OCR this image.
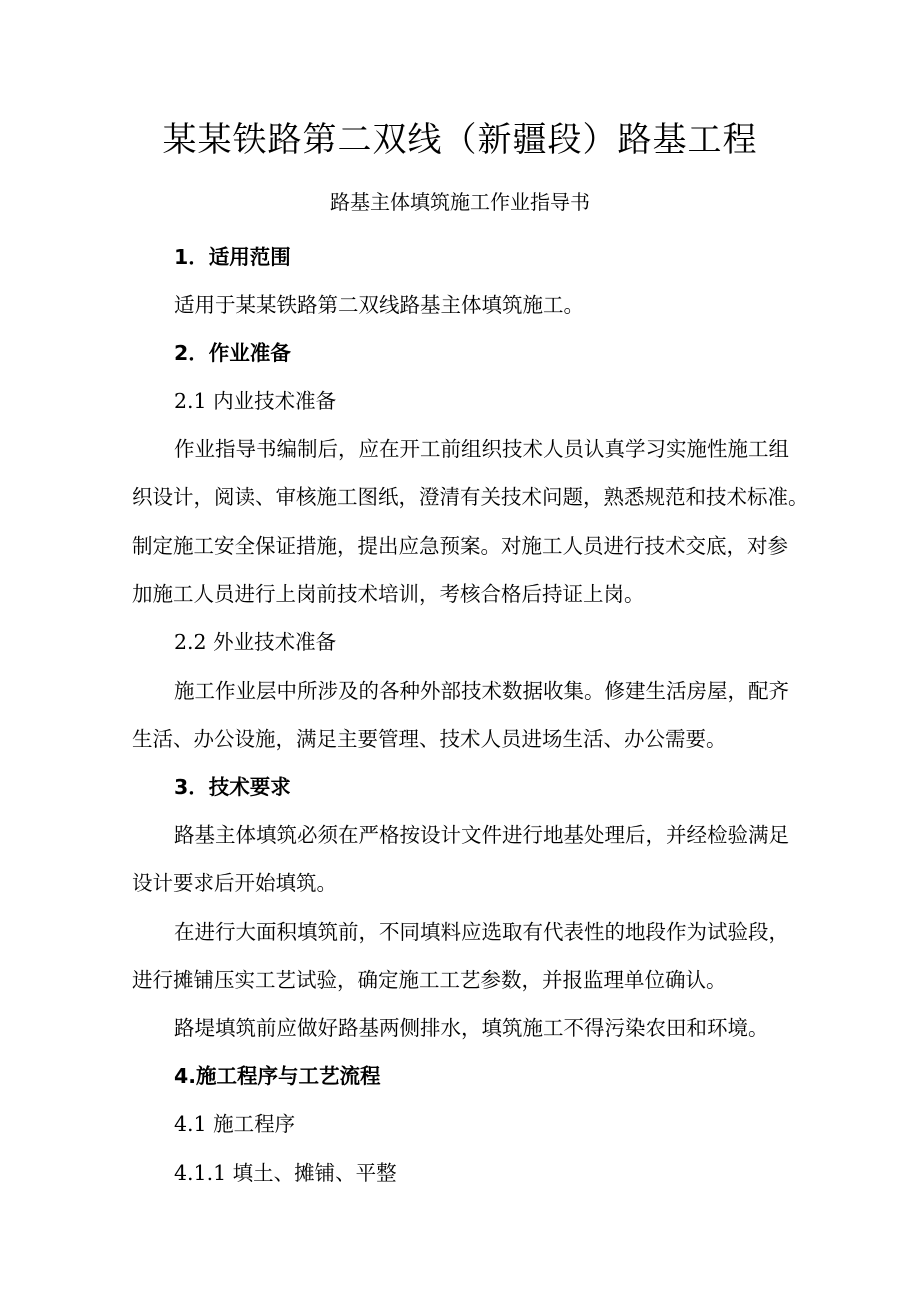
某某铁路第二双线（新疆段）路基工程
路基主体填筑施工作业指导书
1．适用范围
适用于某某铁路第二双线路基主体填筑施工。
2．作业准备
2.1 内业技术准备
作业指导书编制后，应在开工前组织技术人员认真学习实施性施工组
织设计，阅读、审核施工图纸，澄清有关技术问题，熟悉规范和技术标准。
制定施工安全保证措施，提出应急预案。对施工人员进行技术交底，对参
加施工人员进行上岗前技术培训，考核合格后持证上岗。
2.2 外业技术准备
施工作业层中所涉及的各种外部技术数据收集。修建生活房屋，配齐
生活、办公设施，满足主要管理、技术人员进场生活、办公需要。
3．技术要求
路基主体填筑必须在严格按设计文件进行地基处理后，并经检验满足
设计要求后开始填筑。
在进行大面积填筑前，不同填料应选取有代表性的地段作为试验段，
进行摊铺压实工艺试验，确定施工工艺参数，并报监理单位确认。
路堤填筑前应做好路基两侧排水，填筑施工不得污染农田和环境。
4.施工程序与工艺流程
4.1 施工程序
4.1.1 填土、摊铺、平整
